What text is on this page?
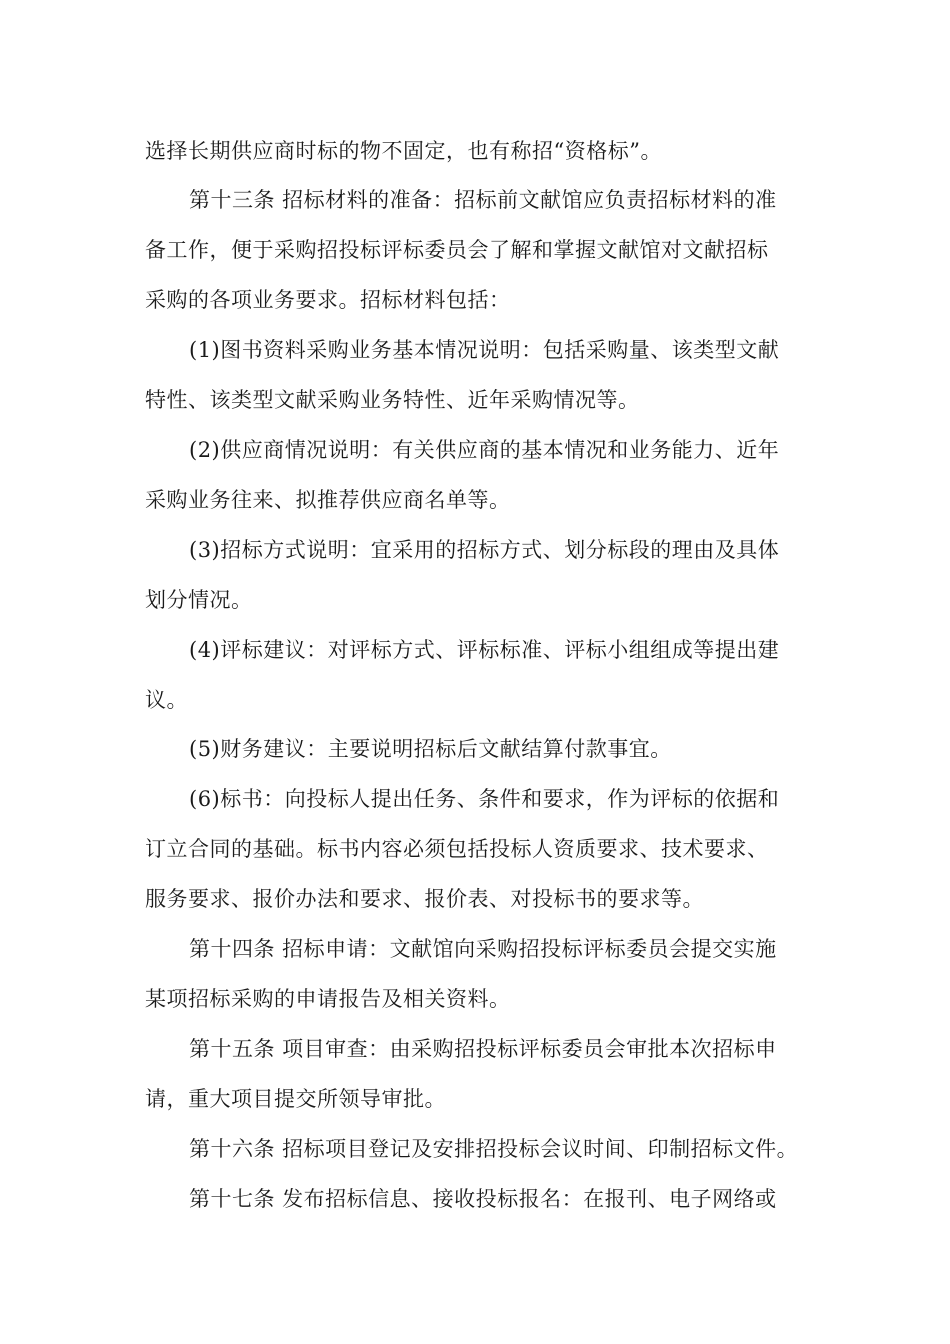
选择长期供应商时标的物不固定，也有称招“资格标”。
第十三条 招标材料的准备：招标前文献馆应负责招标材料的准
备工作，便于采购招投标评标委员会了解和掌握文献馆对文献招标
采购的各项业务要求。招标材料包括：
(1)图书资料采购业务基本情况说明：包括采购量、该类型文献
特性、该类型文献采购业务特性、近年采购情况等。
(2)供应商情况说明：有关供应商的基本情况和业务能力、近年
采购业务往来、拟推荐供应商名单等。
(3)招标方式说明：宜采用的招标方式、划分标段的理由及具体
划分情况。
(4)评标建议：对评标方式、评标标准、评标小组组成等提出建
议。
(5)财务建议：主要说明招标后文献结算付款事宜。
(6)标书：向投标人提出任务、条件和要求，作为评标的依据和
订立合同的基础。标书内容必须包括投标人资质要求、技术要求、
服务要求、报价办法和要求、报价表、对投标书的要求等。
第十四条 招标申请：文献馆向采购招投标评标委员会提交实施
某项招标采购的申请报告及相关资料。
第十五条 项目审查：由采购招投标评标委员会审批本次招标申
请，重大项目提交所领导审批。
第十六条 招标项目登记及安排招投标会议时间、印制招标文件。
第十七条 发布招标信息、接收投标报名：在报刊、电子网络或
